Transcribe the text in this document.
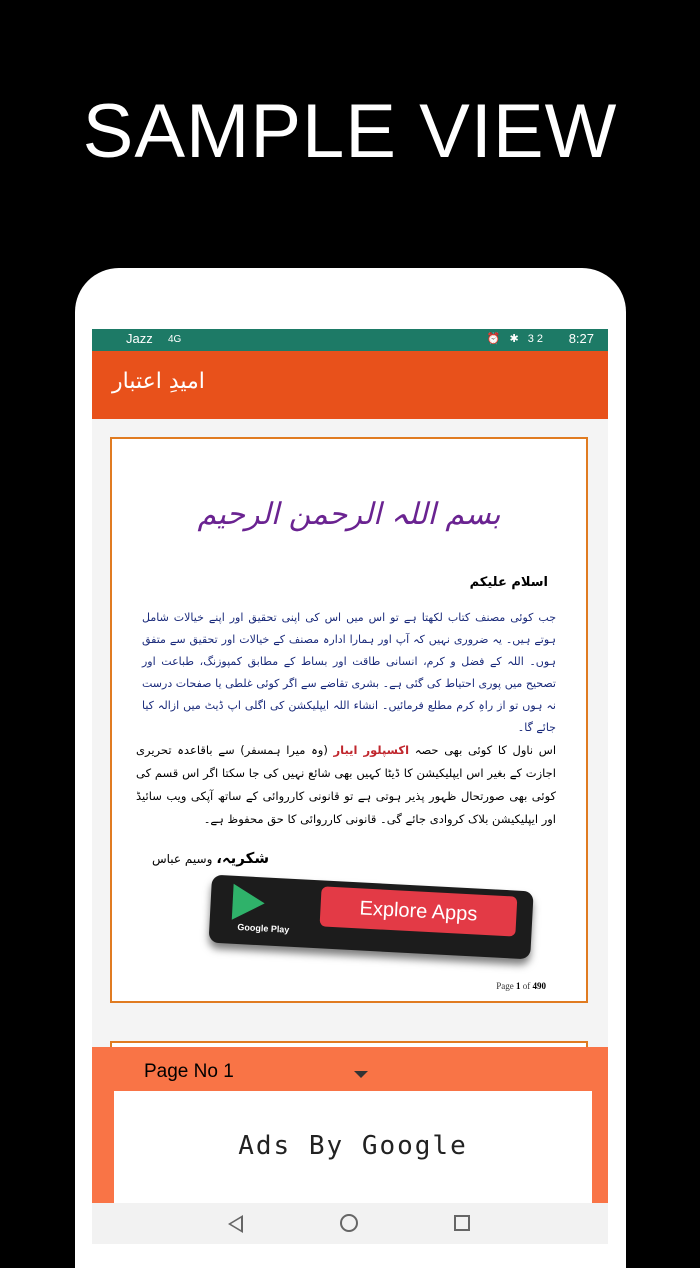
SAMPLE VIEW
Jazz 4G	⏰ ✱ 32 8:27
امیدِ اعتبار
بسم اللہ الرحمن الرحیم
اسلام علیکم
جب کوئی مصنف کتاب لکھتا ہے تو اس میں اس کی اپنی تحقیق اور اپنے خیالات شامل ہوتے ہیں۔ یہ ضروری نہیں کہ آپ اور ہمارا ادارہ مصنف کے خیالات اور تحقیق سے متفق ہوں۔ اللہ کے فضل و کرم، انسانی طاقت اور بساط کے مطابق کمپوزنگ، طباعت اور تصحیح میں پوری احتیاط کی گئی ہے۔ بشری تقاضے سے اگر کوئی غلطی یا صفحات درست نہ ہوں تو از راہِ کرم مطلع فرمائیں۔ انشاء اللہ ایپلیکشن کی اگلی اپ ڈیٹ میں ازالہ کیا جائے گا۔
اس ناول کا کوئی بھی حصہ اکسپلور ایبار (وہ میرا ہمسفر) سے باقاعدہ تحریری اجازت کے بغیر اس ایپلیکیشن کا ڈیٹا کہیں بھی شائع نہیں کی جا سکتا اگر اس قسم کی کوئی بھی صورتحال ظہور پذیر ہوتی ہے تو قانونی کارروائی کے ساتھ آپکی ویب سائیڈ اور ایپلیکیشن بلاک کروادی جائے گی۔ قانونی کارروائی کا حق محفوظ ہے۔
شکریہ، وسیم عباس
Google Play
Explore Apps
Page 1 of 490
Page No 1
Ads By Google
